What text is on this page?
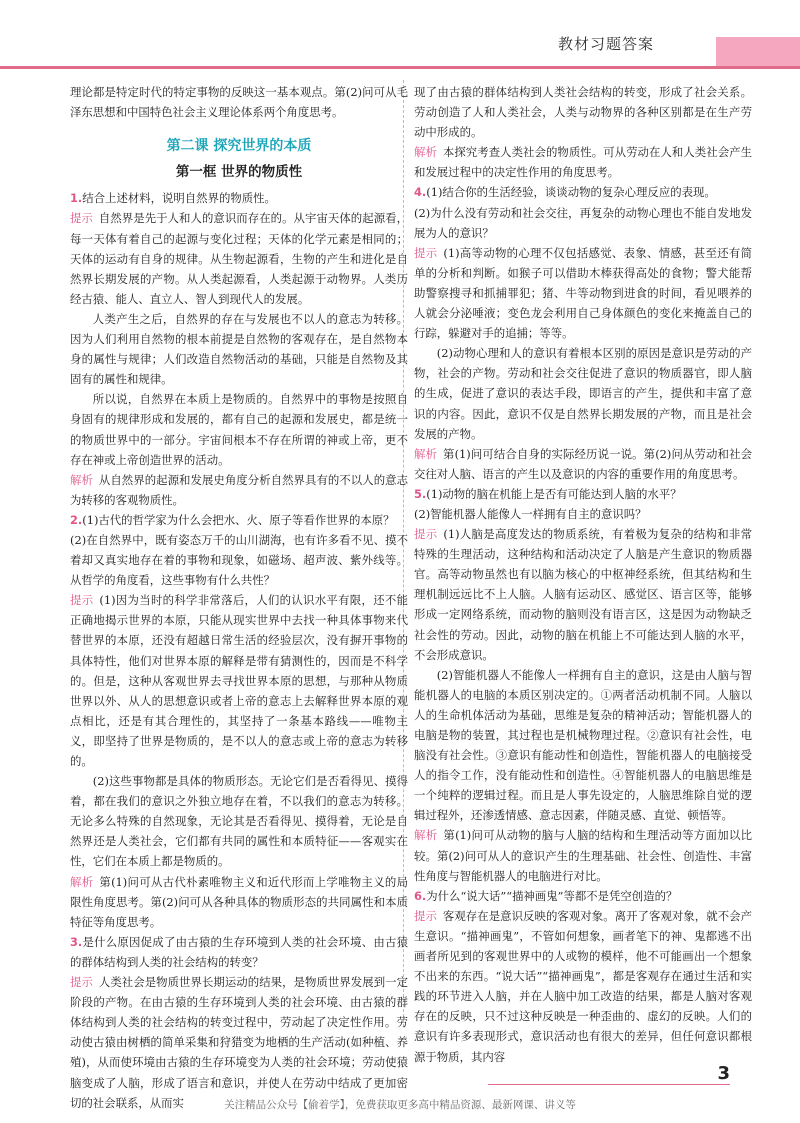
教材习题答案

理论都是特定时代的特定事物的反映这一基本观点。第(2)问可从毛泽东思想和中国特色社会主义理论体系两个角度思考。

第二课 探究世界的本质
第一框 世界的物质性

1.结合上述材料，说明自然界的物质性。

提示 自然界是先于人和人的意识而存在的。从宇宙天体的起源看，每一天体有着自己的起源与变化过程；天体的化学元素是相同的；天体的运动有自身的规律。从生物起源看，生物的产生和进化是自然界长期发展的产物。从人类起源看，人类起源于动物界。人类历经古猿、能人、直立人、智人到现代人的发展。

人类产生之后，自然界的存在与发展也不以人的意志为转移。因为人们利用自然物的根本前提是自然物的客观存在，是自然物本身的属性与规律；人们改造自然物活动的基础，只能是自然物及其固有的属性和规律。

所以说，自然界在本质上是物质的。自然界中的事物是按照自身固有的规律形成和发展的，都有自己的起源和发展史，都是统一的物质世界中的一部分。宇宙间根本不存在所谓的神或上帝，更不存在神或上帝创造世界的活动。

解析 从自然界的起源和发展史角度分析自然界具有的不以人的意志为转移的客观物质性。

2.(1)古代的哲学家为什么会把水、火、原子等看作世界的本原？

(2)在自然界中，既有姿态万千的山川湖海，也有许多看不见、摸不着却又真实地存在着的事物和现象，如磁场、超声波、紫外线等。从哲学的角度看，这些事物有什么共性？

提示 (1)因为当时的科学非常落后，人们的认识水平有限，还不能正确地揭示世界的本原，只能从现实世界中去找一种具体事物来代替世界的本原，还没有超越日常生活的经验层次，没有摒开事物的具体特性，他们对世界本原的解释是带有猜测性的，因而是不科学的。但是，这种从客观世界去寻找世界本原的思想，与那种从物质世界以外、从人的思想意识或者上帝的意志上去解释世界本原的观点相比，还是有其合理性的，其坚持了一条基本路线——唯物主义，即坚持了世界是物质的，是不以人的意志或上帝的意志为转移的。

(2)这些事物都是具体的物质形态。无论它们是否看得见、摸得着，都在我们的意识之外独立地存在着，不以我们的意志为转移。无论多么特殊的自然现象，无论其是否看得见、摸得着，无论是自然界还是人类社会，它们都有共同的属性和本质特征——客观实在性，它们在本质上都是物质的。

解析 第(1)问可从古代朴素唯物主义和近代形而上学唯物主义的局限性角度思考。第(2)问可从各种具体的物质形态的共同属性和本质特征等角度思考。

3.是什么原因促成了由古猿的生存环境到人类的社会环境、由古猿的群体结构到人类的社会结构的转变？

提示 人类社会是物质世界长期运动的结果，是物质世界发展到一定阶段的产物。在由古猿的生存环境到人类的社会环境、由古猿的群体结构到人类的社会结构的转变过程中，劳动起了决定性作用。劳动使古猿由树栖的简单采集和狩猎变为地栖的生产活动(如种植、养殖)，从而使环境由古猿的生存环境变为人类的社会环境；劳动使猿脑变成了人脑，形成了语言和意识，并使人在劳动中结成了更加密切的社会联系，从而实

现了由古猿的群体结构到人类社会结构的转变，形成了社会关系。劳动创造了人和人类社会，人类与动物界的各种区别都是在生产劳动中形成的。

解析 本探究考查人类社会的物质性。可从劳动在人和人类社会产生和发展过程中的决定性作用的角度思考。

4.(1)结合你的生活经验，谈谈动物的复杂心理反应的表现。

(2)为什么没有劳动和社会交往，再复杂的动物心理也不能自发地发展为人的意识？

提示 (1)高等动物的心理不仅包括感觉、表象、情感，甚至还有简单的分析和判断。如猴子可以借助木棒获得高处的食物；警犬能帮助警察搜寻和抓捕罪犯；猪、牛等动物到进食的时间，看见喂养的人就会分泌唾液；变色龙会利用自己身体颜色的变化来掩盖自己的行踪，躲避对手的追捕；等等。

(2)动物心理和人的意识有着根本区别的原因是意识是劳动的产物，社会的产物。劳动和社会交往促进了意识的物质器官，即人脑的生成，促进了意识的表达手段，即语言的产生，提供和丰富了意识的内容。因此，意识不仅是自然界长期发展的产物，而且是社会发展的产物。

解析 第(1)问可结合自身的实际经历说一说。第(2)问从劳动和社会交往对人脑、语言的产生以及意识的内容的重要作用的角度思考。

5.(1)动物的脑在机能上是否有可能达到人脑的水平？

(2)智能机器人能像人一样拥有自主的意识吗？

提示 (1)人脑是高度发达的物质系统，有着极为复杂的结构和非常特殊的生理活动，这种结构和活动决定了人脑是产生意识的物质器官。高等动物虽然也有以脑为核心的中枢神经系统，但其结构和生理机制远远比不上人脑。人脑有运动区、感觉区、语言区等，能够形成一定网络系统，而动物的脑则没有语言区，这是因为动物缺乏社会性的劳动。因此，动物的脑在机能上不可能达到人脑的水平，不会形成意识。

(2)智能机器人不能像人一样拥有自主的意识，这是由人脑与智能机器人的电脑的本质区别决定的。①两者活动机制不同。人脑以人的生命机体活动为基础，思维是复杂的精神活动；智能机器人的电脑是物的装置，其过程也是机械物理过程。②意识有社会性，电脑没有社会性。③意识有能动性和创造性，智能机器人的电脑接受人的指令工作，没有能动性和创造性。④智能机器人的电脑思维是一个纯粹的逻辑过程。而且是人事先设定的，人脑思维除自觉的逻辑过程外，还渗透情感、意志因素，伴随灵感、直觉、顿悟等。

解析 第(1)问可从动物的脑与人脑的结构和生理活动等方面加以比较。第(2)问可从人的意识产生的生理基础、社会性、创造性、丰富性角度与智能机器人的电脑进行对比。

6.为什么“说大话”“描神画鬼”等都不是凭空创造的？

提示 客观存在是意识反映的客观对象。离开了客观对象，就不会产生意识。“描神画鬼”，不管如何想象，画者笔下的神、鬼都逃不出画者所见到的客观世界中的人或物的模样，他不可能画出一个想象不出来的东西。“说大话”“描神画鬼”，都是客观存在通过生活和实践的环节进入人脑，并在人脑中加工改造的结果，都是人脑对客观存在的反映，只不过这种反映是一种歪曲的、虚幻的反映。人们的意识有许多表现形式，意识活动也有很大的差异，但任何意识都根源于物质，其内容

3
关注精品公众号【偷着学】，免费获取更多高中精品资源、最新网课、讲义等
